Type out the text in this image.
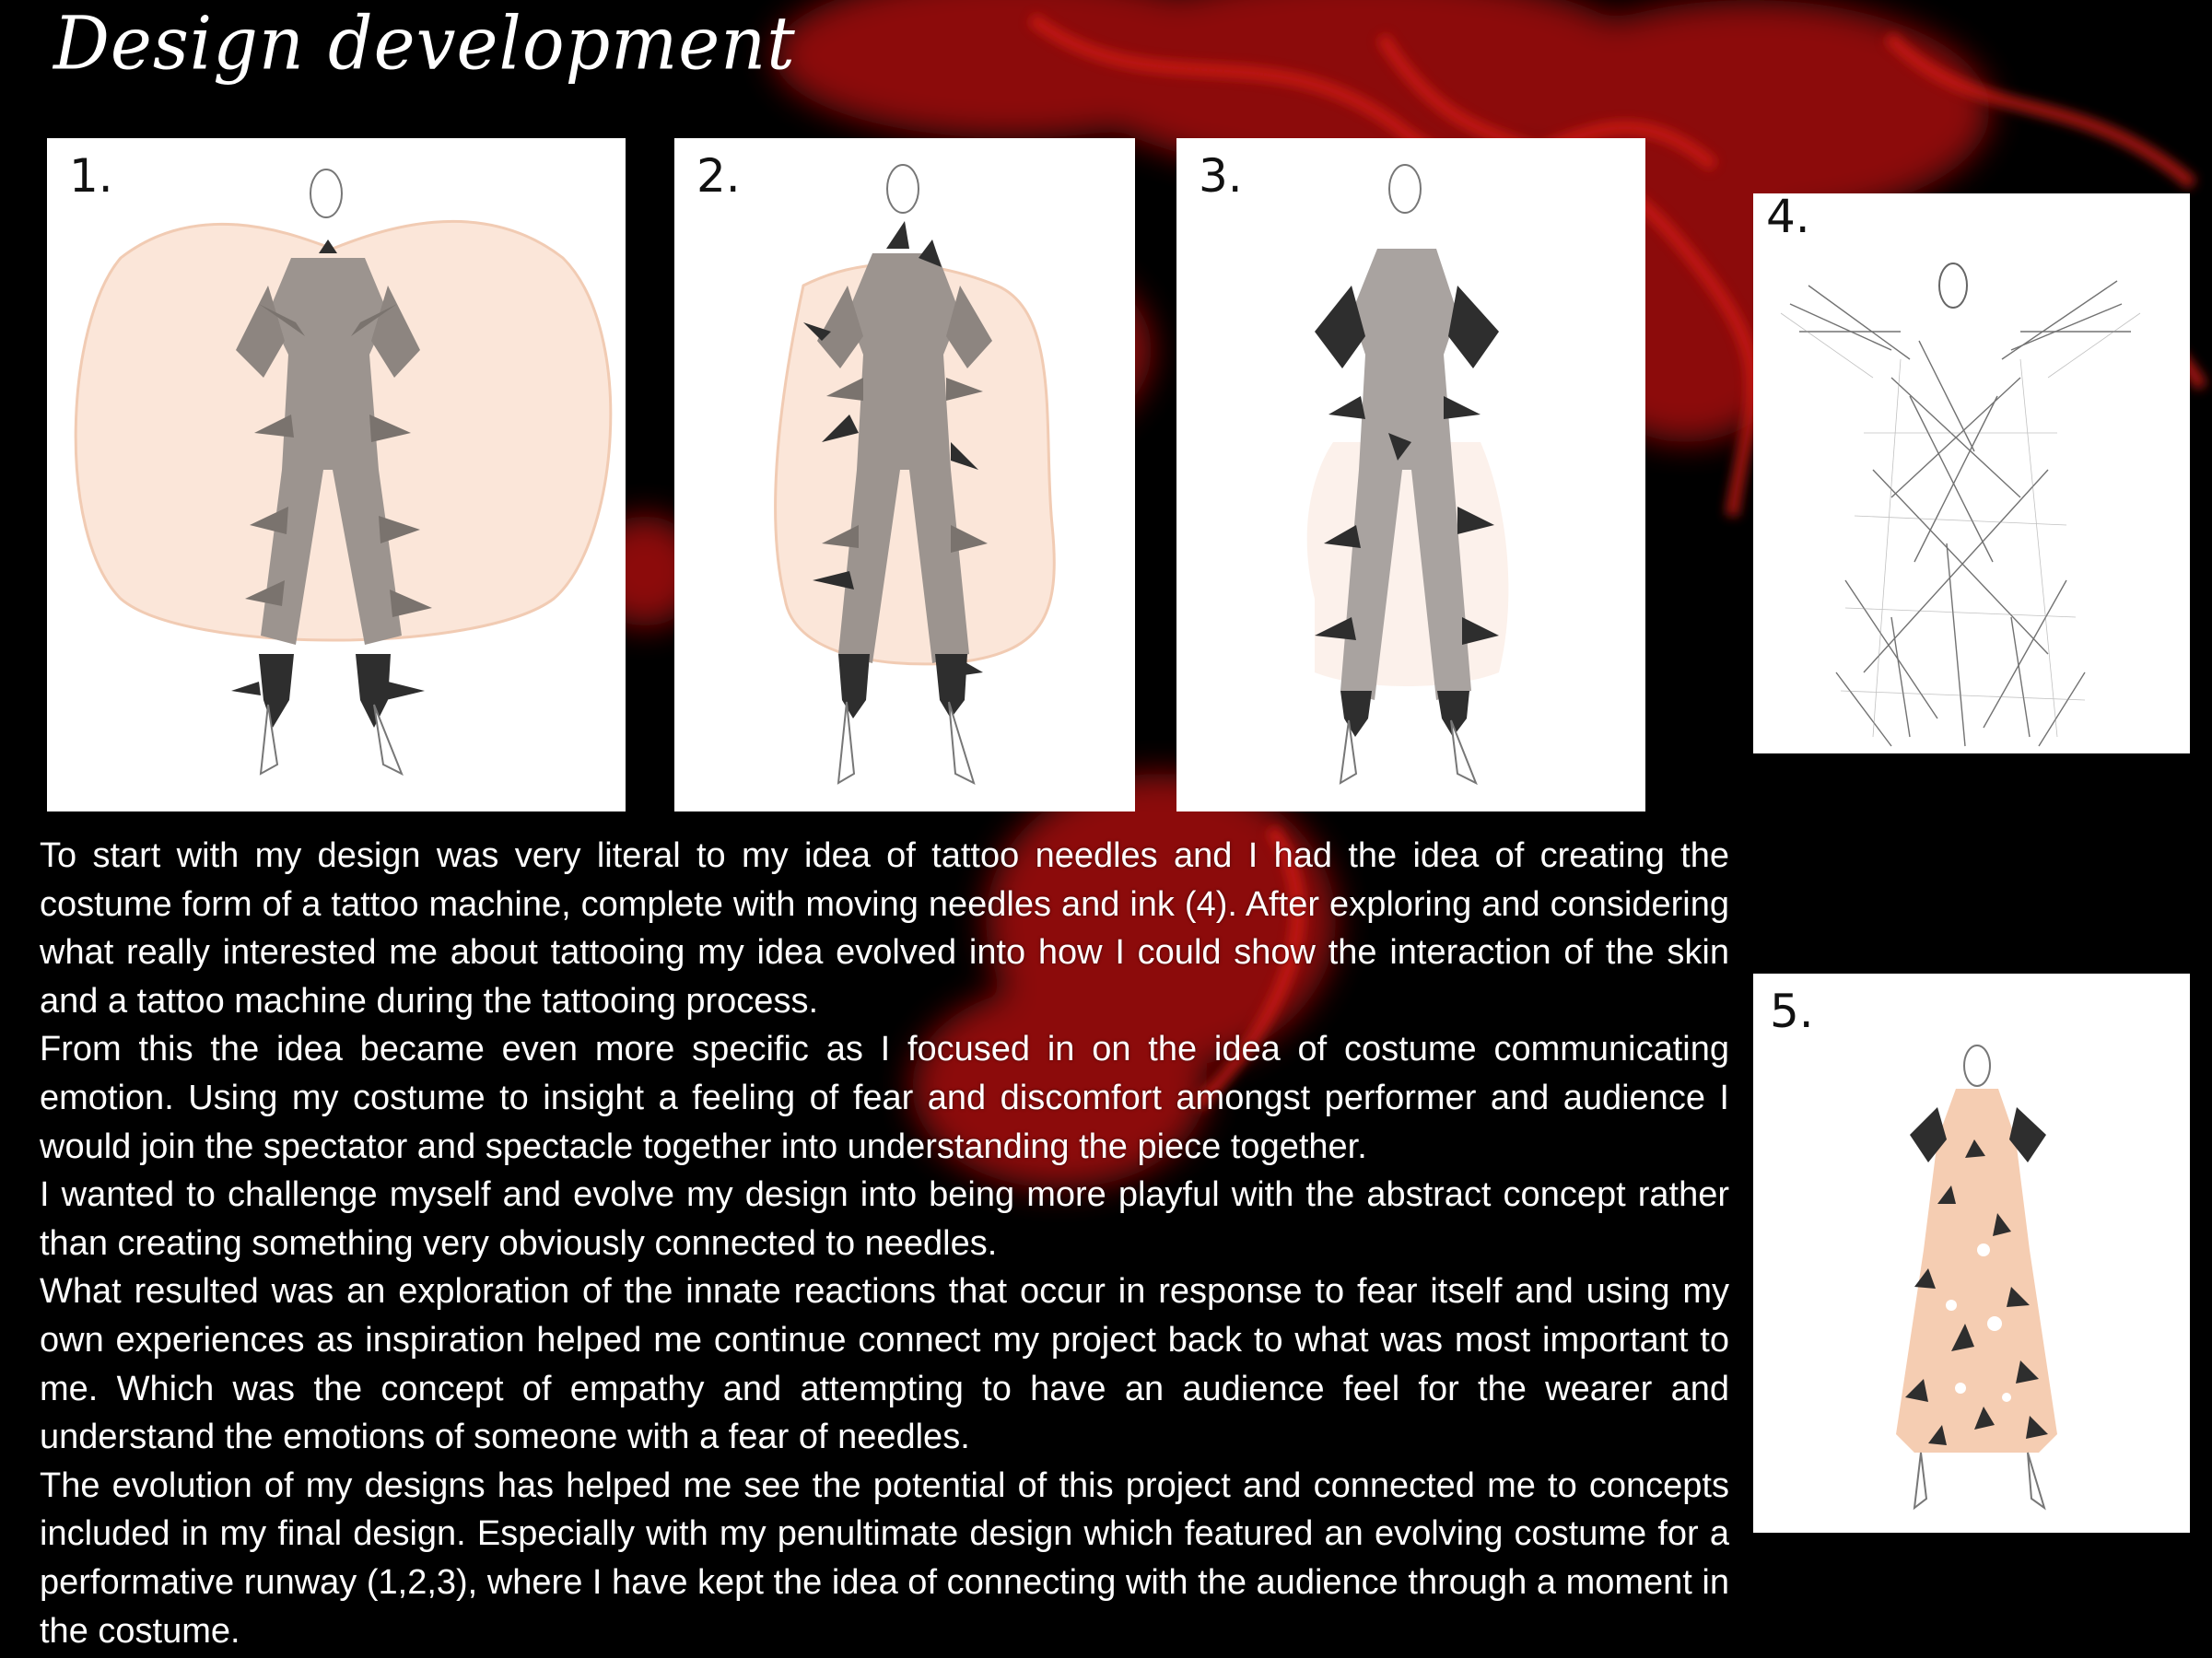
Design development
1.	2.	3.
4.
5.

To start with my design was very literal to my idea of tattoo needles and I had the idea of creating the costume form of a tattoo machine, complete with moving needles and ink (4). After exploring and considering what really interested me about tattooing my idea evolved into how I could show the interaction of the skin and a tattoo machine during the tattooing process.

From this the idea became even more specific as I focused in on the idea of costume communicating emotion. Using my costume to insight a feeling of fear and discomfort amongst performer and audience I would join the spectator and spectacle together into understanding the piece together.

I wanted to challenge myself and evolve my design into being more playful with the abstract concept rather than creating something very obviously connected to needles.

What resulted was an exploration of the innate reactions that occur in response to fear itself and using my own experiences as inspiration helped me continue connect my project back to what was most important to me. Which was the concept of empathy and attempting to have an audience feel for the wearer and understand the emotions of someone with a fear of needles.

The evolution of my designs has helped me see the potential of this project and connected me to concepts included in my final design. Especially with my penultimate design which featured an evolving costume for a performative runway (1,2,3), where I have kept the idea of connecting with the audience through a moment in the costume.
